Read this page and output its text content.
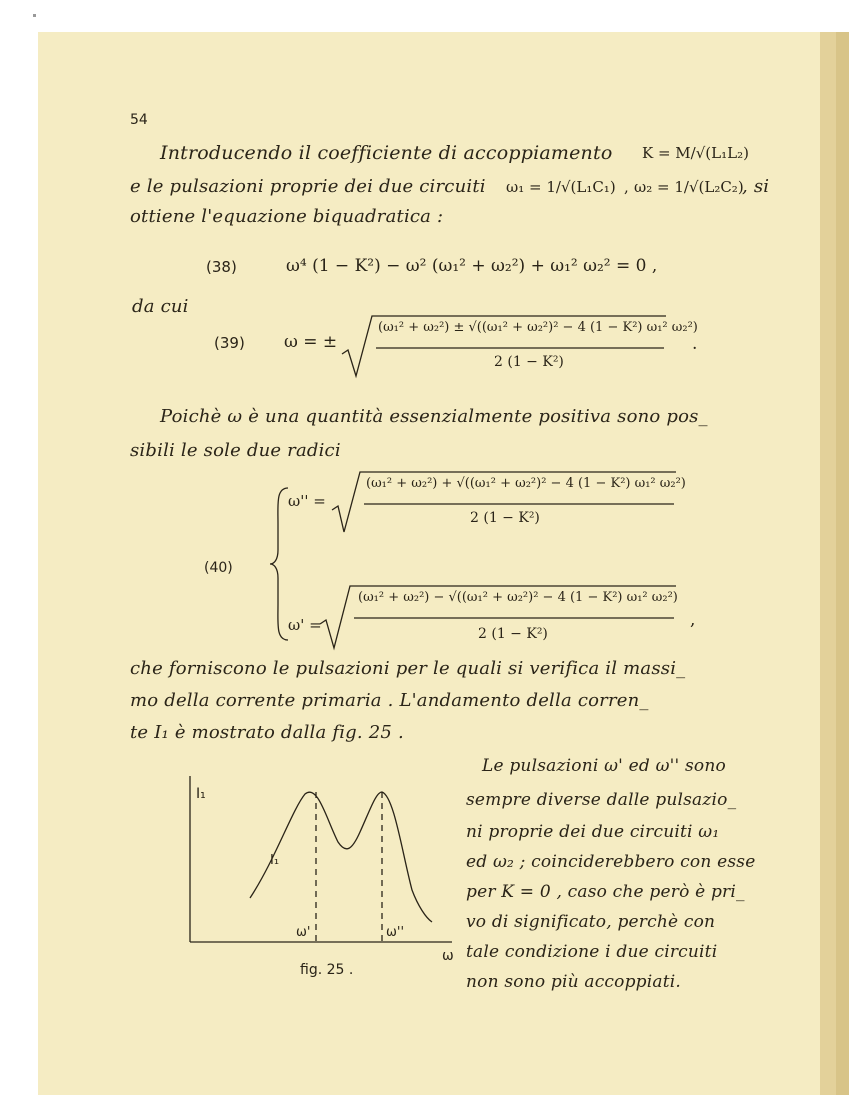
54
Introducendo il coefficiente di accoppiamento K = M/√(L₁L₂)
e le pulsazioni proprie dei due circuiti ω₁ = 1/√(L₁C₁) , ω₂ = 1/√(L₂C₂)
, si
ottiene l'equazione biquadratica :
(38)	ω⁴ (1 − K²) − ω² (ω₁² + ω₂²) + ω₁² ω₂² = 0 ,
da cui
(39) ω = ±
(ω₁² + ω₂²) ± √((ω₁² + ω₂²)² − 4 (1 − K²) ω₁² ω₂²)
2 (1 − K²)
.
Poichè ω è una quantità essenzialmente positiva sono pos_
sibili le sole due radici
(40)
ω'' =
(ω₁² + ω₂²) + √((ω₁² + ω₂²)² − 4 (1 − K²) ω₁² ω₂²)
2 (1 − K²)
ω' =
(ω₁² + ω₂²) − √((ω₁² + ω₂²)² − 4 (1 − K²) ω₁² ω₂²)
2 (1 − K²)
,
che forniscono le pulsazioni per le quali si verifica il massi_
mo della corrente primaria . L'andamento della corren_
te I₁ è mostrato dalla fig. 25 .
Le pulsazioni ω' ed ω'' sono
sempre diverse dalle pulsazio_
ni proprie dei due circuiti ω₁
ed ω₂ ; coinciderebbero con esse
per K = 0 , caso che però è pri_
vo di significato, perchè con
tale condizione i due circuiti
non sono più accoppiati.
I₁
I₁
ω'	ω''
ω
fig. 25 .
